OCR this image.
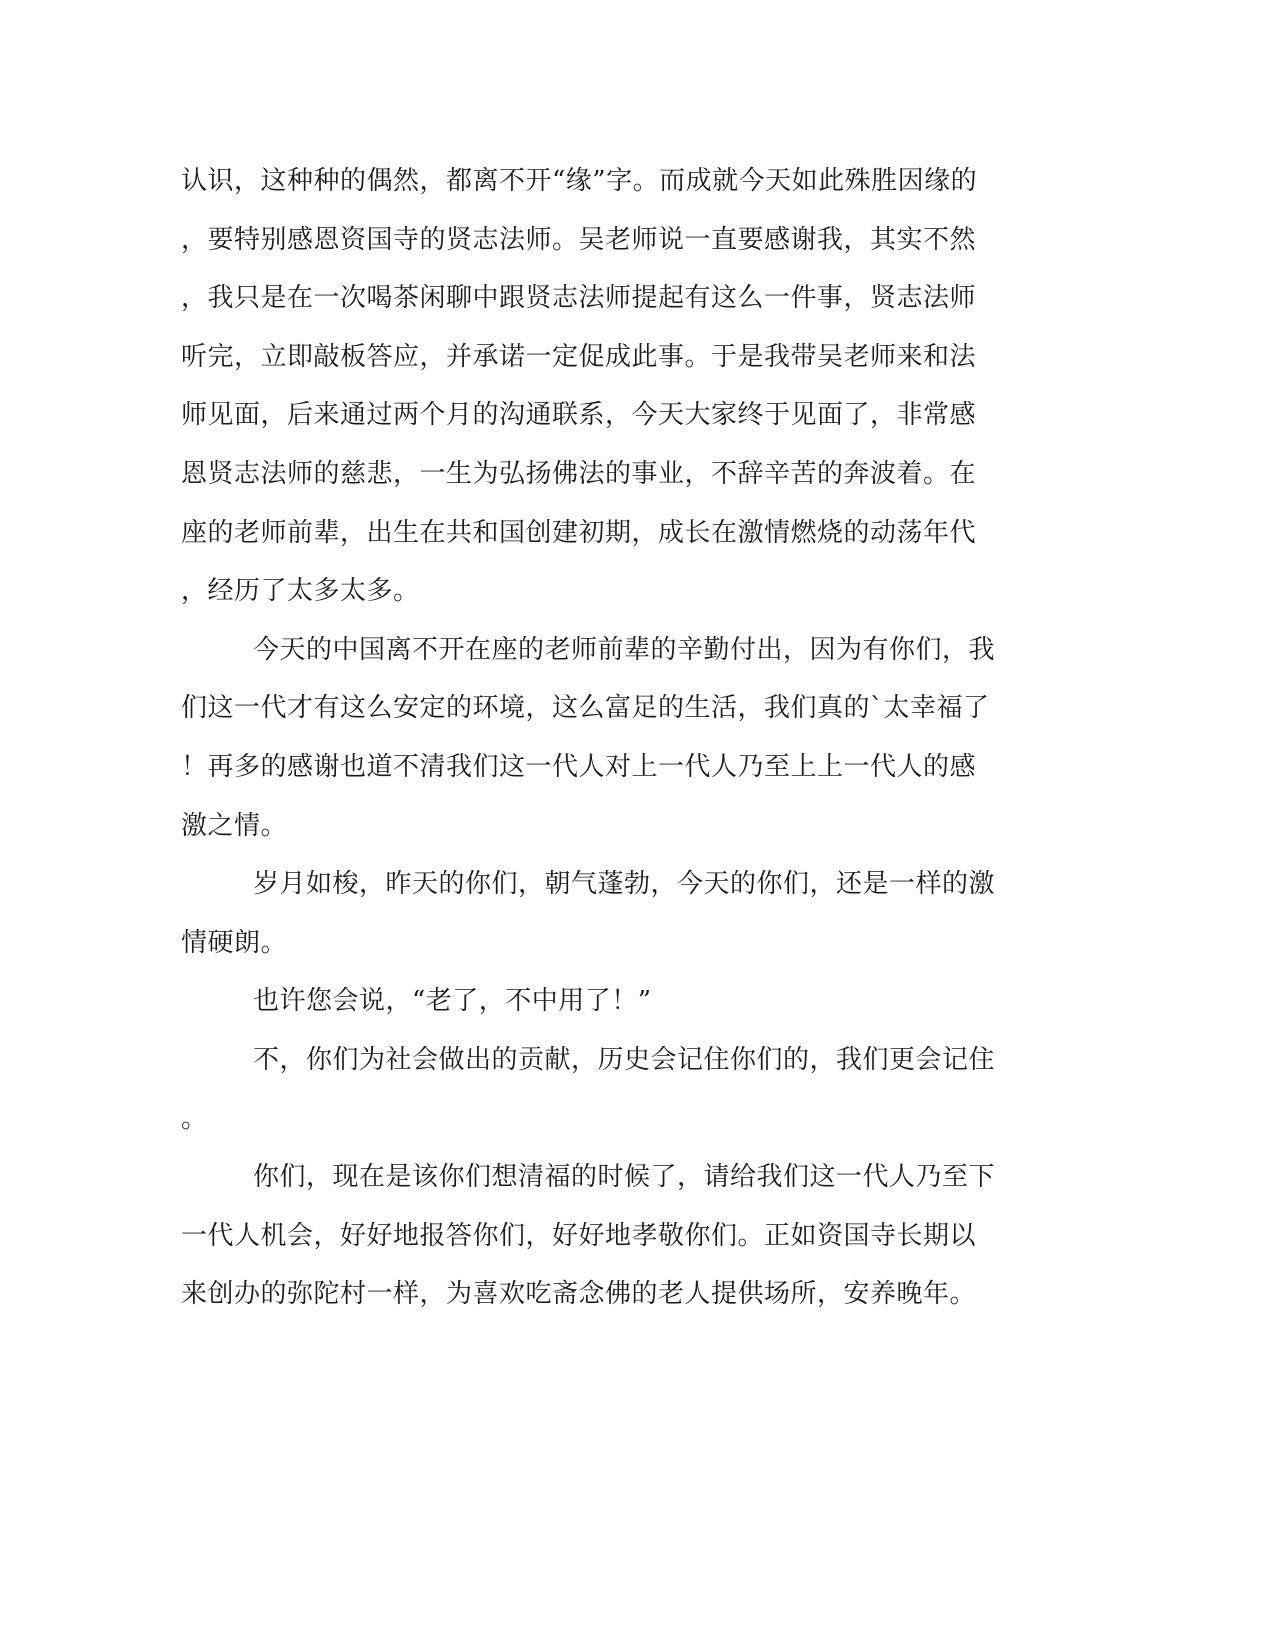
认识，这种种的偶然，都离不开“缘”字。而成就今天如此殊胜因缘的
，要特别感恩资国寺的贤志法师。吴老师说一直要感谢我，其实不然
，我只是在一次喝茶闲聊中跟贤志法师提起有这么一件事，贤志法师
听完，立即敲板答应，并承诺一定促成此事。于是我带吴老师来和法
师见面，后来通过两个月的沟通联系，今天大家终于见面了，非常感
恩贤志法师的慈悲，一生为弘扬佛法的事业，不辞辛苦的奔波着。在
座的老师前辈，出生在共和国创建初期，成长在激情燃烧的动荡年代
，经历了太多太多。
今天的中国离不开在座的老师前辈的辛勤付出，因为有你们，我
们这一代才有这么安定的环境，这么富足的生活，我们真的`太幸福了
！再多的感谢也道不清我们这一代人对上一代人乃至上上一代人的感
激之情。
岁月如梭，昨天的你们，朝气蓬勃，今天的你们，还是一样的激
情硬朗。
也许您会说，“老了，不中用了！”
不，你们为社会做出的贡献，历史会记住你们的，我们更会记住
。
你们，现在是该你们想清福的时候了，请给我们这一代人乃至下
一代人机会，好好地报答你们，好好地孝敬你们。正如资国寺长期以
来创办的弥陀村一样，为喜欢吃斋念佛的老人提供场所，安养晚年。
